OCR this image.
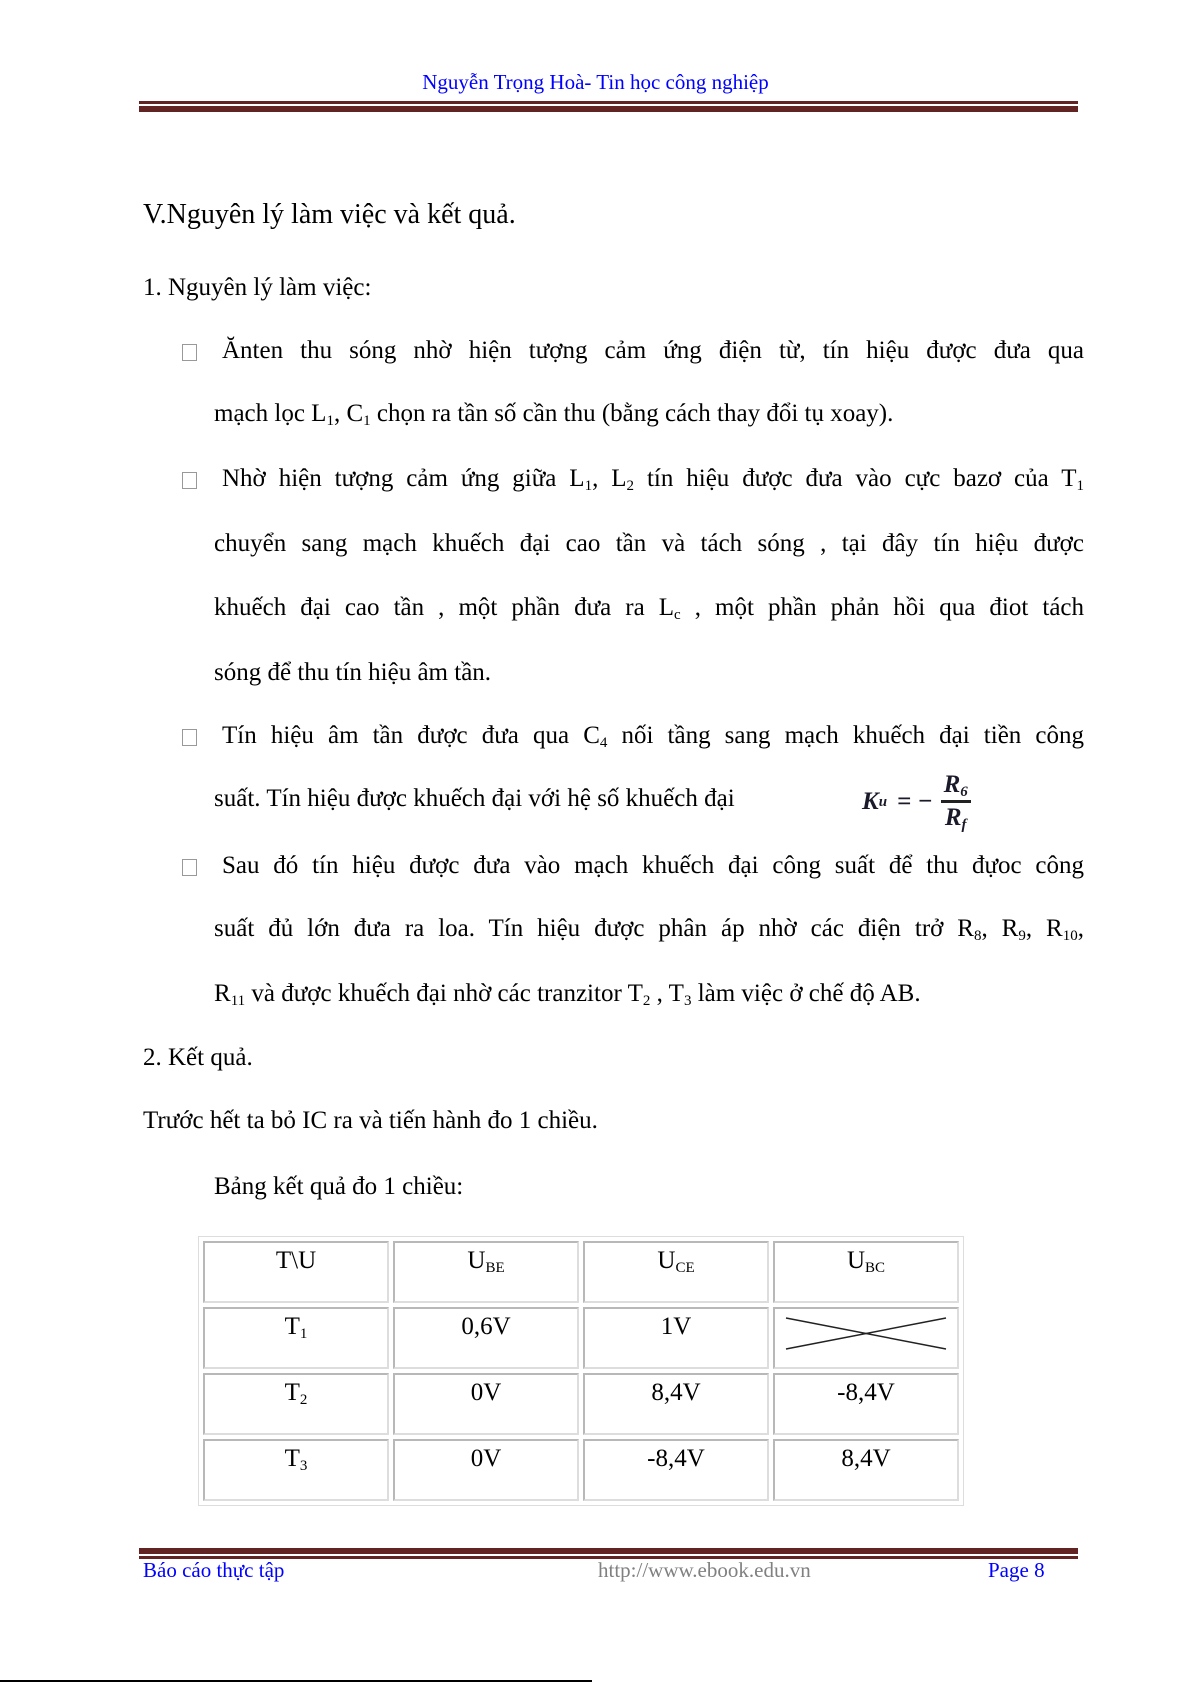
Nguyễn Trọng Hoà- Tin học công nghiệp
V.Nguyên lý làm việc và kết quả.
1. Nguyên lý làm việc:
Ănten thu sóng nhờ hiện tượng cảm ứng điện từ, tín hiệu được đưa qua
mạch lọc $L_1$, $C_1$ chọn ra tần số cần thu (bằng cách thay đổi tụ xoay).
Nhờ hiện tượng cảm ứng giữa $L_1$, $L_2$ tín hiệu được đưa vào cực bazơ của $T_1$
chuyển sang mạch khuếch đại cao tần và tách sóng , tại đây tín hiệu được
khuếch đại cao tần , một phần đưa ra $L_c$ , một phần phản hồi qua điot tách
sóng để thu tín hiệu âm tần.
Tín hiệu âm tần được đưa qua $C_4$ nối tầng sang mạch khuếch đại tiền công
suất. Tín hiệu được khuếch đại với hệ số khuếch đại
Sau đó tín hiệu được đưa vào mạch khuếch đại công suất để thu đựoc công
suất đủ lớn đưa ra loa. Tín hiệu được phân áp nhờ các điện trở $R_8$, $R_9$, $R_{10}$,
$R_{11}$ và được khuếch đại nhờ các tranzitor $T_2$ , $T_3$ làm việc ở chế độ AB.
K u = − $\frac{R_6}{R_f}$
2. Kết quả.
Trước hết ta bỏ IC ra và tiến hành đo 1 chiều.
Bảng kết quả đo 1 chiều:
T\U	$U_{BE}$	$U_{CE}$	$U_{BC}$
$T_1$	0,6V	1V	
$T_2$	0V	8,4V	-8,4V
$T_3$	0V	-8,4V	8,4V
Báo cáo thực tập	http://www.ebook.edu.vn	Page 8
